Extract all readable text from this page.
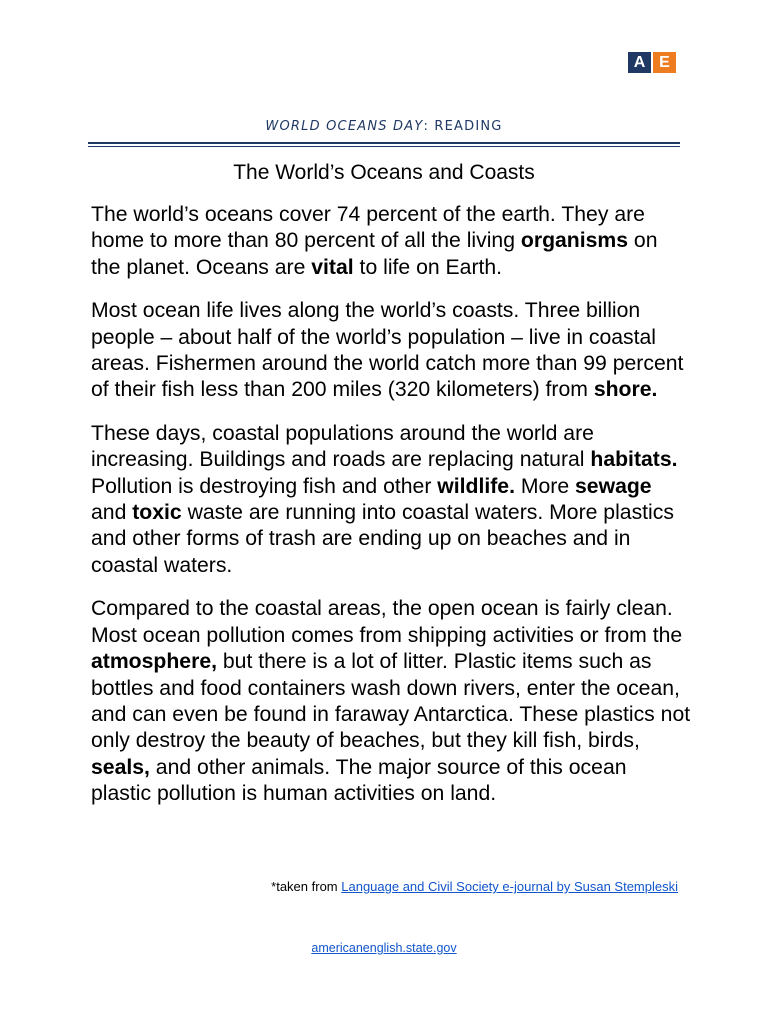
A E
WORLD OCEANS DAY: READING
The World’s Oceans and Coasts

The world’s oceans cover 74 percent of the earth. They are home to more than 80 percent of all the living organisms on the planet. Oceans are vital to life on Earth.

Most ocean life lives along the world’s coasts. Three billion people – about half of the world’s population – live in coastal areas. Fishermen around the world catch more than 99 percent of their fish less than 200 miles (320 kilometers) from shore.

These days, coastal populations around the world are increasing. Buildings and roads are replacing natural habitats. Pollution is destroying fish and other wildlife. More sewage and toxic waste are running into coastal waters. More plastics and other forms of trash are ending up on beaches and in coastal waters.

Compared to the coastal areas, the open ocean is fairly clean. Most ocean pollution comes from shipping activities or from the atmosphere, but there is a lot of litter. Plastic items such as bottles and food containers wash down rivers, enter the ocean, and can even be found in faraway Antarctica. These plastics not only destroy the beauty of beaches, but they kill fish, birds, seals, and other animals. The major source of this ocean plastic pollution is human activities on land.

*taken from Language and Civil Society e-journal by Susan Stempleski
americanenglish.state.gov
